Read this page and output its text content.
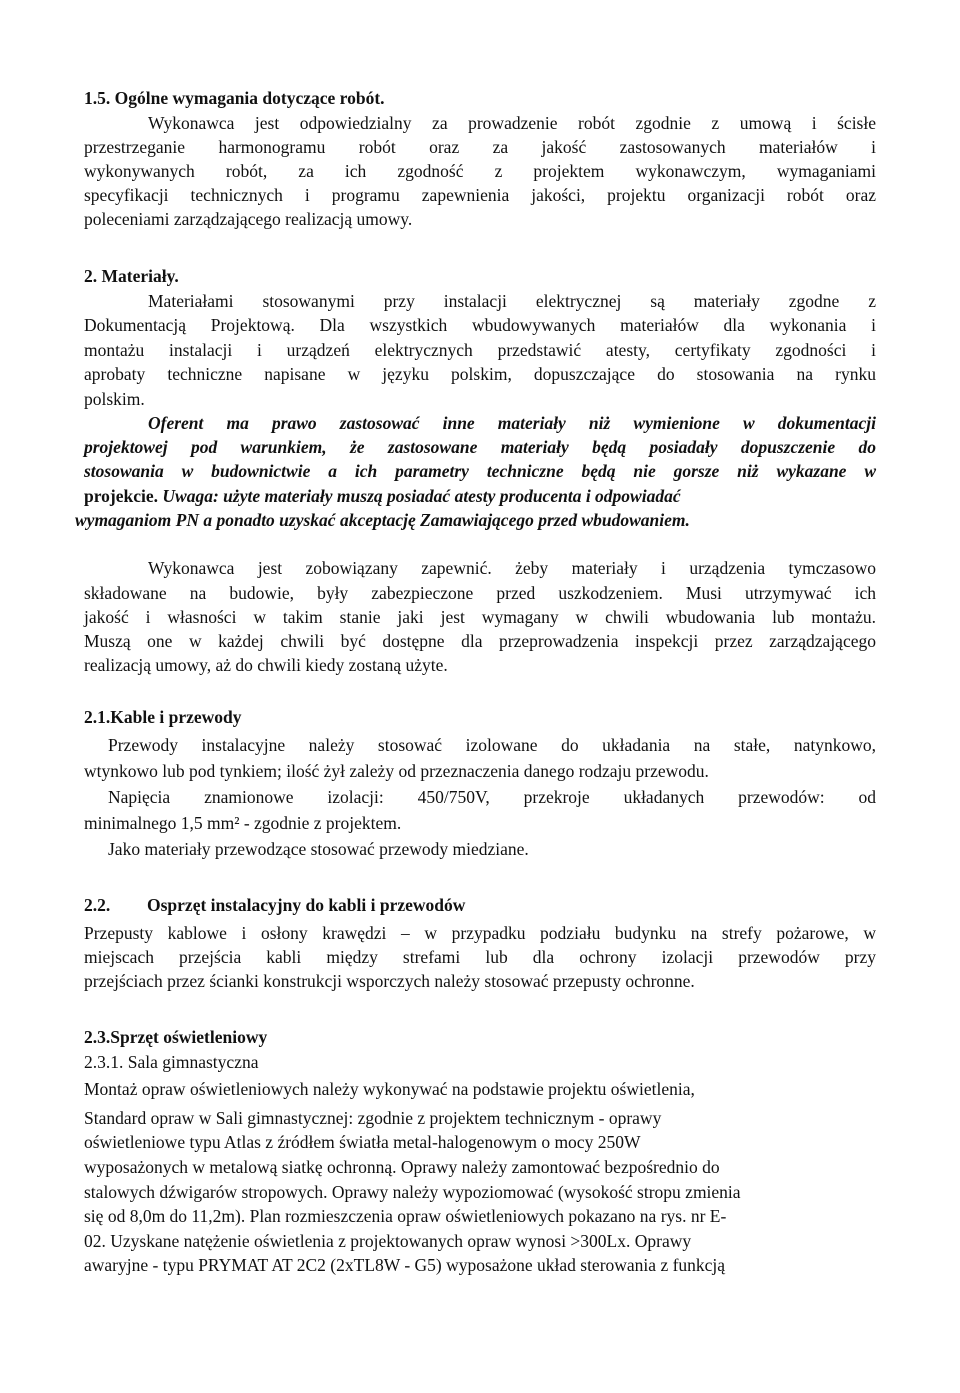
1.5. Ogólne wymagania dotyczące robót.
Wykonawca jest odpowiedzialny za prowadzenie robót zgodnie z umową i ścisłe
przestrzeganie harmonogramu robót oraz za jakość zastosowanych materiałów i
wykonywanych robót, za ich zgodność z projektem wykonawczym, wymaganiami
specyfikacji technicznych i programu zapewnienia jakości, projektu organizacji robót oraz
poleceniami zarządzającego realizacją umowy.
2. Materiały.
Materiałami stosowanymi przy instalacji elektrycznej są materiały zgodne z
Dokumentacją Projektową. Dla wszystkich wbudowywanych materiałów dla wykonania i
montażu instalacji i urządzeń elektrycznych przedstawić atesty, certyfikaty zgodności i
aprobaty techniczne napisane w języku polskim, dopuszczające do stosowania na rynku
polskim.
Oferent ma prawo zastosować inne materiały niż wymienione w dokumentacji
projektowej pod warunkiem, że zastosowane materiały będą posiadały dopuszczenie do
stosowania w budownictwie a ich parametry techniczne będą nie gorsze niż wykazane w
projekcie. Uwaga: użyte materiały muszą posiadać atesty producenta i odpowiadać
wymaganiom PN a ponadto uzyskać akceptację Zamawiającego przed wbudowaniem.
Wykonawca jest zobowiązany zapewnić. żeby materiały i urządzenia tymczasowo
składowane na budowie, były zabezpieczone przed uszkodzeniem. Musi utrzymywać ich
jakość i własności w takim stanie jaki jest wymagany w chwili wbudowania lub montażu.
Muszą one w każdej chwili być dostępne dla przeprowadzenia inspekcji przez zarządzającego
realizacją umowy, aż do chwili kiedy zostaną użyte.
2.1.Kable i przewody
Przewody instalacyjne należy stosować izolowane do układania na stałe, natynkowo,
wtynkowo lub pod tynkiem; ilość żył zależy od przeznaczenia danego rodzaju przewodu.
Napięcia znamionowe izolacji: 450/750V, przekroje układanych przewodów: od
minimalnego 1,5 mm² - zgodnie z projektem.
Jako materiały przewodzące stosować przewody miedziane.
2.2. Osprzęt instalacyjny do kabli i przewodów
Przepusty kablowe i osłony krawędzi – w przypadku podziału budynku na strefy pożarowe, w
miejscach przejścia kabli między strefami lub dla ochrony izolacji przewodów przy
przejściach przez ścianki konstrukcji wsporczych należy stosować przepusty ochronne.
2.3.Sprzęt oświetleniowy
2.3.1. Sala gimnastyczna
Montaż opraw oświetleniowych należy wykonywać na podstawie projektu oświetlenia,
Standard opraw w Sali gimnastycznej: zgodnie z projektem technicznym - oprawy
oświetleniowe typu Atlas z źródłem światła metal-halogenowym o mocy 250W
wyposażonych w metalową siatkę ochronną. Oprawy należy zamontować bezpośrednio do
stalowych dźwigarów stropowych. Oprawy należy wypoziomować (wysokość stropu zmienia
się od 8,0m do 11,2m). Plan rozmieszczenia opraw oświetleniowych pokazano na rys. nr E-
02. Uzyskane natężenie oświetlenia z projektowanych opraw wynosi >300Lx. Oprawy
awaryjne - typu PRYMAT AT 2C2 (2xTL8W - G5) wyposażone układ sterowania z funkcją
